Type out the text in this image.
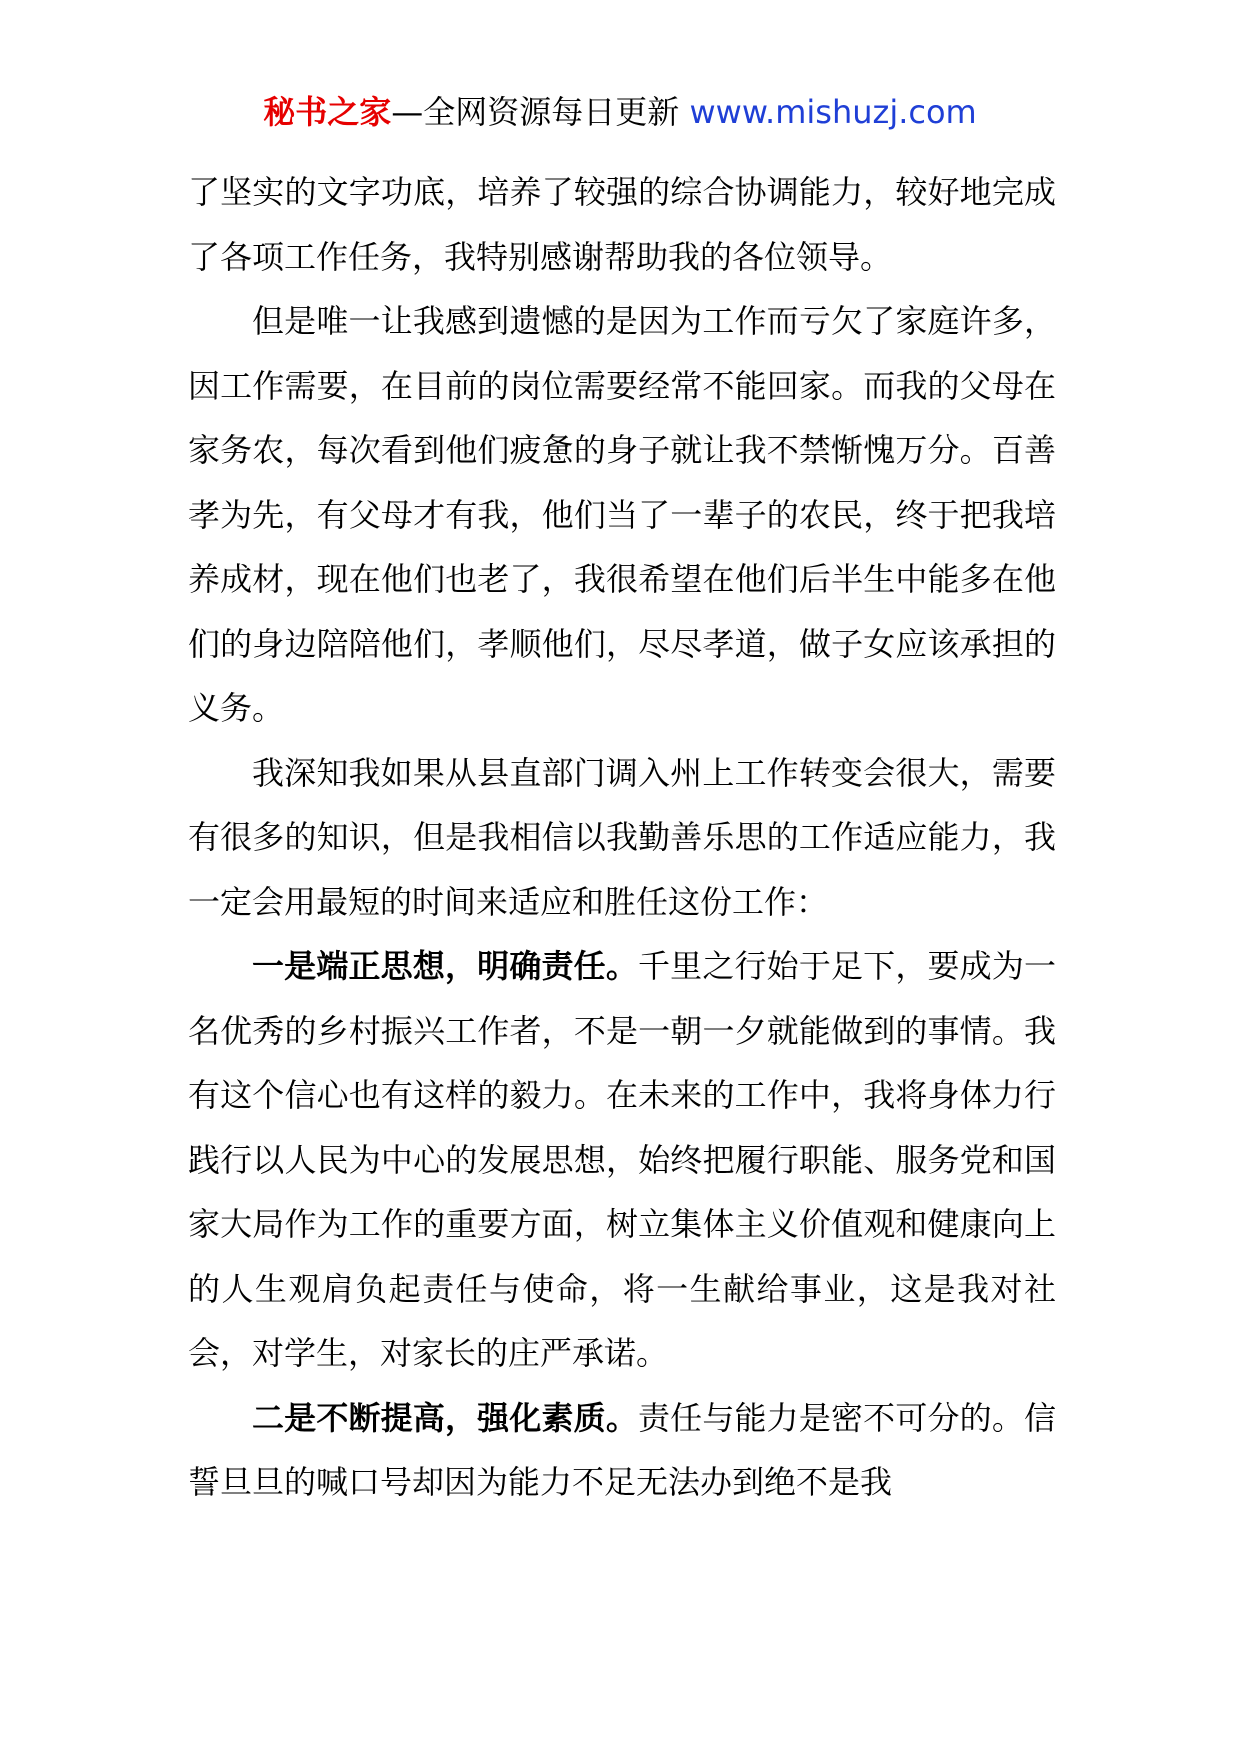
秘书之家—全网资源每日更新 www.mishuzj.com

了坚实的文字功底，培养了较强的综合协调能力，较好地完成了各项工作任务，我特别感谢帮助我的各位领导。

但是唯一让我感到遗憾的是因为工作而亏欠了家庭许多，因工作需要，在目前的岗位需要经常不能回家。而我的父母在家务农，每次看到他们疲惫的身子就让我不禁惭愧万分。百善孝为先，有父母才有我，他们当了一辈子的农民，终于把我培养成材，现在他们也老了，我很希望在他们后半生中能多在他们的身边陪陪他们，孝顺他们，尽尽孝道，做子女应该承担的义务。

我深知我如果从县直部门调入州上工作转变会很大，需要有很多的知识，但是我相信以我勤善乐思的工作适应能力，我一定会用最短的时间来适应和胜任这份工作：

一是端正思想，明确责任。千里之行始于足下，要成为一名优秀的乡村振兴工作者，不是一朝一夕就能做到的事情。我有这个信心也有这样的毅力。在未来的工作中，我将身体力行践行以人民为中心的发展思想，始终把履行职能、服务党和国家大局作为工作的重要方面，树立集体主义价值观和健康向上的人生观肩负起责任与使命，将一生献给事业，这是我对社会，对学生，对家长的庄严承诺。

二是不断提高，强化素质。责任与能力是密不可分的。信誓旦旦的喊口号却因为能力不足无法办到绝不是我
